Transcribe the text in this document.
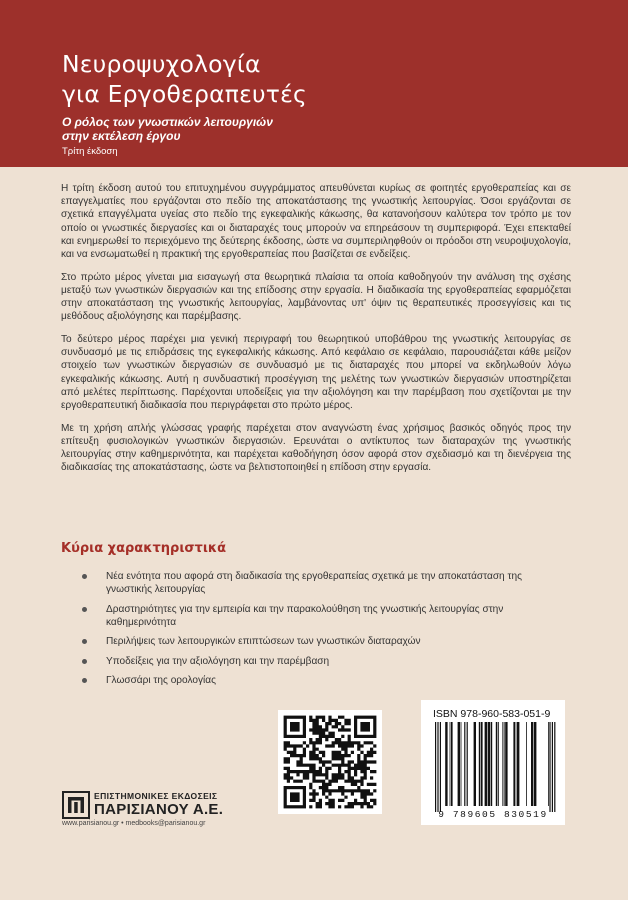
Νευροψυχολογία
για Εργοθεραπευτές
Ο ρόλος των γνωστικών λειτουργιών
στην εκτέλεση έργου
Τρίτη έκδοση

Η τρίτη έκδοση αυτού του επιτυχημένου συγγράμματος απευθύνεται κυρίως σε φοιτητές εργοθεραπείας και σε επαγγελματίες που εργάζονται στο πεδίο της αποκατάστασης της γνωστικής λειτουργίας. Όσοι εργάζονται σε σχετικά επαγγέλματα υγείας στο πεδίο της εγκεφαλικής κάκωσης, θα κατανοήσουν καλύτερα τον τρόπο με τον οποίο οι γνωστικές διεργασίες και οι διαταραχές τους μπορούν να επηρεάσουν τη συμπεριφορά. Έχει επεκταθεί και ενημερωθεί το περιεχόμενο της δεύτερης έκδοσης, ώστε να συμπεριληφθούν οι πρόοδοι στη νευροψυχολογία, και να ενσωματωθεί η πρακτική της εργοθεραπείας που βασίζεται σε ενδείξεις.

Στο πρώτο μέρος γίνεται μια εισαγωγή στα θεωρητικά πλαίσια τα οποία καθοδηγούν την ανάλυση της σχέσης μεταξύ των γνωστικών διεργασιών και της επίδοσης στην εργασία. Η διαδικασία της εργοθεραπείας εφαρμόζεται στην αποκατάσταση της γνωστικής λειτουργίας, λαμβάνοντας υπ' όψιν τις θεραπευτικές προσεγγίσεις και τις μεθόδους αξιολόγησης και παρέμβασης.

Το δεύτερο μέρος παρέχει μια γενική περιγραφή του θεωρητικού υποβάθρου της γνωστικής λειτουργίας σε συνδυασμό με τις επιδράσεις της εγκεφαλικής κάκωσης. Από κεφάλαιο σε κεφάλαιο, παρουσιάζεται κάθε μείζον στοιχείο των γνωστικών διεργασιών σε συνδυασμό με τις διαταραχές που μπορεί να εκδηλωθούν λόγω εγκεφαλικής κάκωσης. Αυτή η συνδυαστική προσέγγιση της μελέτης των γνωστικών διεργασιών υποστηρίζεται από μελέτες περίπτωσης. Παρέχονται υποδείξεις για την αξιολόγηση και την παρέμβαση που σχετίζονται με την εργοθεραπευτική διαδικασία που περιγράφεται στο πρώτο μέρος.

Με τη χρήση απλής γλώσσας γραφής παρέχεται στον αναγνώστη ένας χρήσιμος βασικός οδηγός προς την επίτευξη φυσιολογικών γνωστικών διεργασιών. Ερευνάται ο αντίκτυπος των διαταραχών της γνωστικής λειτουργίας στην καθημερινότητα, και παρέχεται καθοδήγηση όσον αφορά στον σχεδιασμό και τη διενέργεια της διαδικασίας της αποκατάστασης, ώστε να βελτιστοποιηθεί η επίδοση στην εργασία.

Κύρια χαρακτηριστικά
Νέα ενότητα που αφορά στη διαδικασία της εργοθεραπείας σχετικά με την αποκατάσταση της γνωστικής λειτουργίας
Δραστηριότητες για την εμπειρία και την παρακολούθηση της γνωστικής λειτουργίας στην καθημερινότητα
Περιλήψεις των λειτουργικών επιπτώσεων των γνωστικών διαταραχών
Υποδείξεις για την αξιολόγηση και την παρέμβαση
Γλωσσάρι της ορολογίας
ISBN 978-960-583-051-9
9 789605 830519
ΕΠΙΣΤΗΜΟΝΙΚΕΣ ΕΚΔΟΣΕΙΣ
ΠΑΡΙΣΙΑΝΟΥ Α.Ε.
www.parisianou.gr • medbooks@parisianou.gr
